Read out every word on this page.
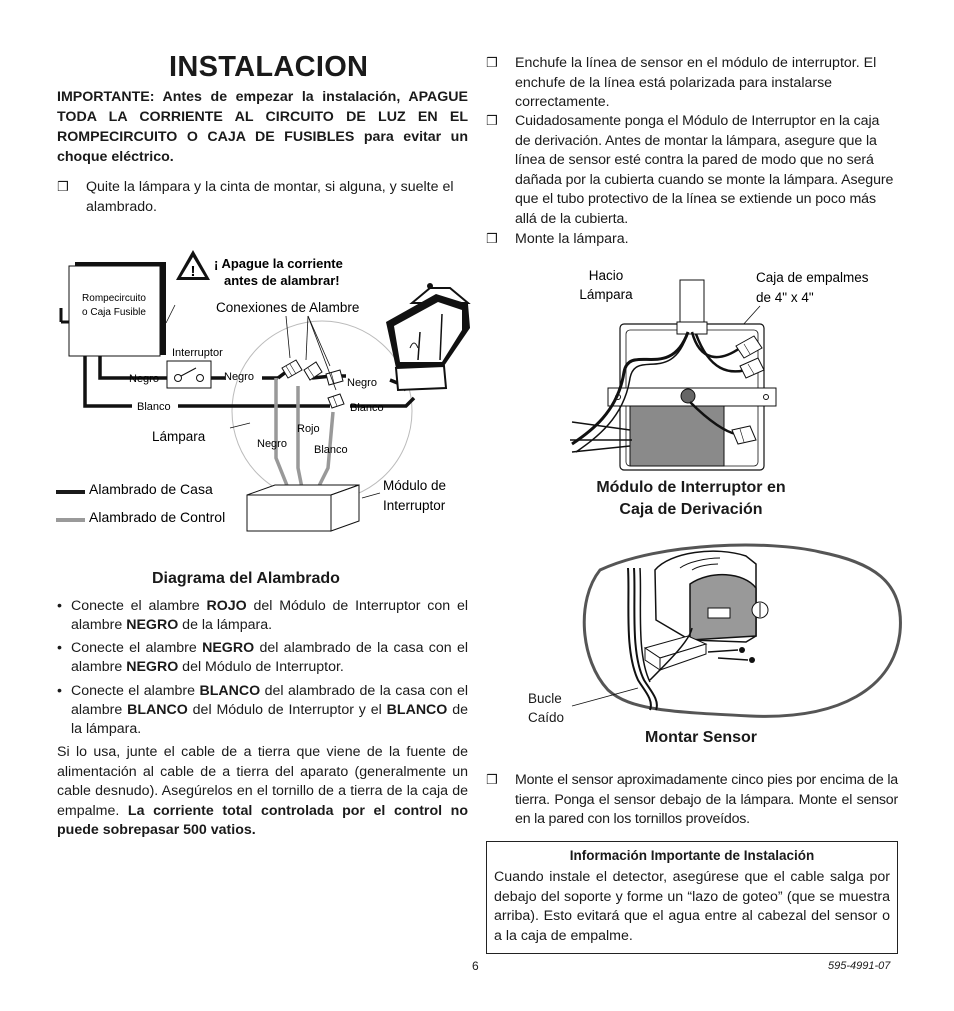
INSTALACION
IMPORTANTE: Antes de empezar la instalación, APAGUE TODA LA CORRIENTE AL CIRCUITO DE LUZ EN EL ROMPECIRCUITO O CAJA DE FUSIBLES para evitar un choque eléctrico.
❒	Quite la lámpara y la cinta de montar, si alguna, y suelte el alambrado.
Rompecircuito
o Caja Fusible
! ¡ Apague la corriente
antes de alambrar!
Conexiones de Alambre
Interruptor
Negro	Negro	Negro
Negro
Blanco	Blanco
Blanco
Rojo
Lámpara
Módulo de
Interruptor
Alambrado de Casa
Alambrado de Control
Diagrama del Alambrado
• Conecte el alambre ROJO del Módulo de Interruptor con el alambre NEGRO de la lámpara.
• Conecte el alambre NEGRO del alambrado de la casa con el alambre NEGRO del Módulo de Interruptor.
• Conecte el alambre BLANCO del alambrado de la casa con el alambre BLANCO del Módulo de Interruptor y el BLANCO de la lámpara.
Si lo usa, junte el cable de a tierra que viene de la fuente de alimentación al cable de a tierra del aparato (generalmente un cable desnudo). Asegúrelos en el tornillo de a tierra de la caja de empalme. La corriente total controlada por el control no puede sobrepasar 500 vatios.
❒	Enchufe la línea de sensor en el módulo de interruptor. El enchufe de la línea está polarizada para instalarse correctamente.
❒	Cuidadosamente ponga el Módulo de Interruptor en la caja de derivación. Antes de montar la lámpara, asegure que la línea de sensor esté contra la pared de modo que no será dañada por la cubierta cuando se monte la lámpara. Asegure que el tubo protectivo de la línea se extiende un poco más allá de la cubierta.
❒	Monte la lámpara.
Hacio
Lámpara
Caja de empalmes
de 4" x 4"
Módulo de Interruptor en
Caja de Derivación
Bucle
Caído
Montar Sensor
❒	Monte el sensor aproximadamente cinco pies por encima de la tierra. Ponga el sensor debajo de la lámpara. Monte el sensor en la pared con los tornillos proveídos.
Información Importante de Instalación
Cuando instale el detector, asegúrese que el cable salga por debajo del soporte y forme un “lazo de goteo” (que se muestra arriba). Esto evitará que el agua entre al cabezal del sensor o a la caja de empalme.
6	595-4991-07
